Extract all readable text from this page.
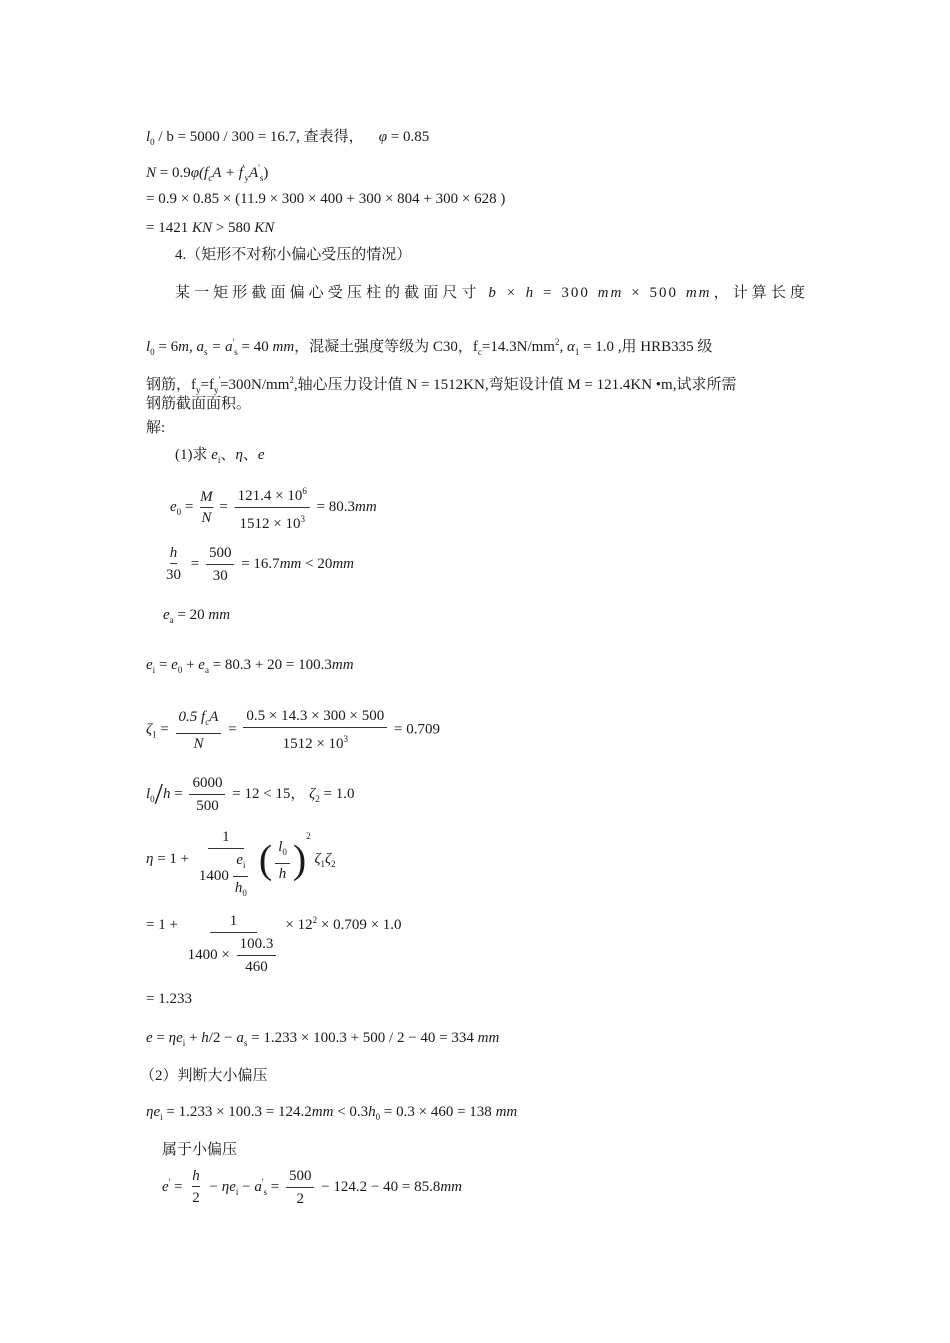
$l_0 / b = 5000 / 300 = 16.7$, 查表得， φ = 0.85
$N = 0.9\varphi(f_cA + f'_yA'_s)$
= 0.9 × 0.85 × (11.9 × 300 × 400 + 300 × 804 + 300 × 628 )
= 1421 KN > 580 KN
4.（矩形不对称小偏心受压的情况）
某一矩形截面偏心受压柱的截面尺寸 b × h = 300 mm × 500 mm，计算长度
$l_0 = 6m$, $a_s = a'_s = 40$ mm，混凝土强度等级为 C30，$f_c=14.3N/mm^2$, $\alpha_1 = 1.0$ ,用 HRB335 级
钢筋，$f_y=f_y'=300N/mm^2$,轴心压力设计值 N = 1512KN,弯矩设计值 M = 121.4KN •m,试求所需
钢筋截面面积。
解:
(1)求 $e_i$、η、e
$e_0 = \frac{M}{N} = \frac{121.4 \times 10^6}{1512 \times 10^3} = 80.3mm$
$\frac{h}{30} = \frac{500}{30} = 16.7mm < 20mm$
$e_a = 20$ mm
$e_i = e_0 + e_a = 80.3 + 20 = 100.3mm$
$\zeta_1 = \frac{0.5 f_cA}{N} = \frac{0.5 \times 14.3 \times 300 \times 500}{1512 \times 10^3} = 0.709$
$l_0/h = \frac{6000}{500} = 12 < 15$， $\zeta_2 = 1.0$
$\eta = 1 + \frac{1}{1400 \frac{e_i}{h_0}}$ ( $\frac{l_0}{h} )^2$ $\zeta_1\zeta_2$
= $1 + \frac{1}{1400 \times \frac{100.3}{460}} \times 12^2 \times 0.709 \times 1.0$
= 1.233
$e = \eta e_i + h/2 - a_s = 1.233 \times 100.3 + 500 / 2 - 40 = 334$ mm
（2）判断大小偏压
$\eta e_i = 1.233 \times 100.3 = 124.2mm < 0.3h_0 = 0.3 \times 460 = 138$ mm
属于小偏压
$e' = \frac{h}{2} - \eta e_i - a'_s = \frac{500}{2} - 124.2 - 40 = 85.8mm$
